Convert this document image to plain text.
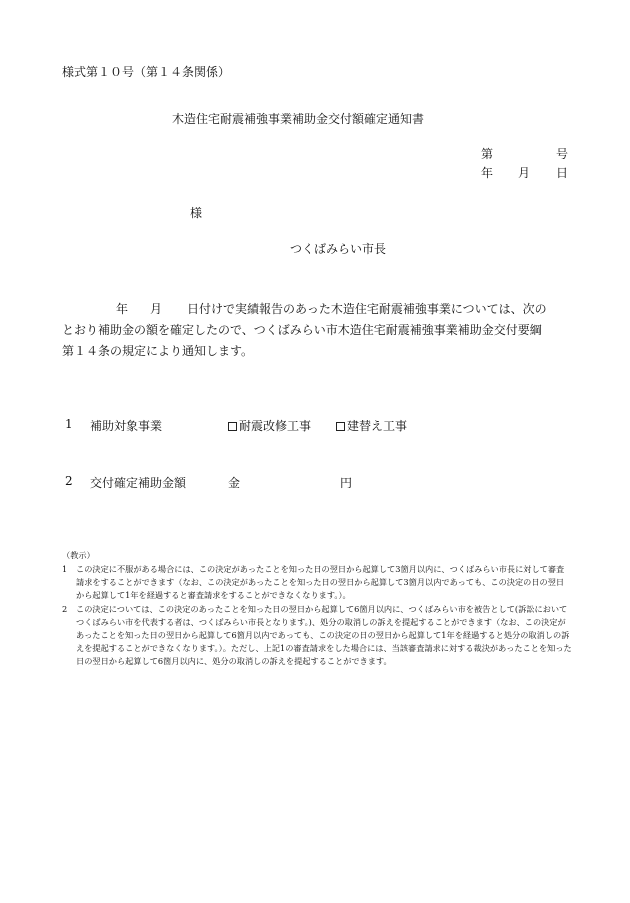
様式第１０号（第１４条関係）
木造住宅耐震補強事業補助金交付額確定通知書
第	号
年 月 日
様
つくばみらい市長
年 月 日付けで実績報告のあった木造住宅耐震補強事業については、次の
とおり補助金の額を確定したので、つくばみらい市木造住宅耐震補強事業補助金交付要綱
第１４条の規定により通知します。
1 補助対象事業	耐震改修工事	建替え工事
2 交付確定補助金額	金	円
（教示）
1 この決定に不服がある場合には、この決定があったことを知った日の翌日から起算して3箇月以内に、つくばみらい市長に対して審査請求をすることができます（なお、この決定があったことを知った日の翌日から起算して3箇月以内であっても、この決定の日の翌日から起算して1年を経過すると審査請求をすることができなくなります。）。
2 この決定については、この決定のあったことを知った日の翌日から起算して6箇月以内に、つくばみらい市を被告として(訴訟においてつくばみらい市を代表する者は、つくばみらい市長となります。)、処分の取消しの訴えを提起することができます（なお、この決定があったことを知った日の翌日から起算して6箇月以内であっても、この決定の日の翌日から起算して1年を経過すると処分の取消しの訴えを提起することができなくなります。）。ただし、上記1の審査請求をした場合には、当該審査請求に対する裁決があったことを知った日の翌日から起算して6箇月以内に、処分の取消しの訴えを提起することができます。
